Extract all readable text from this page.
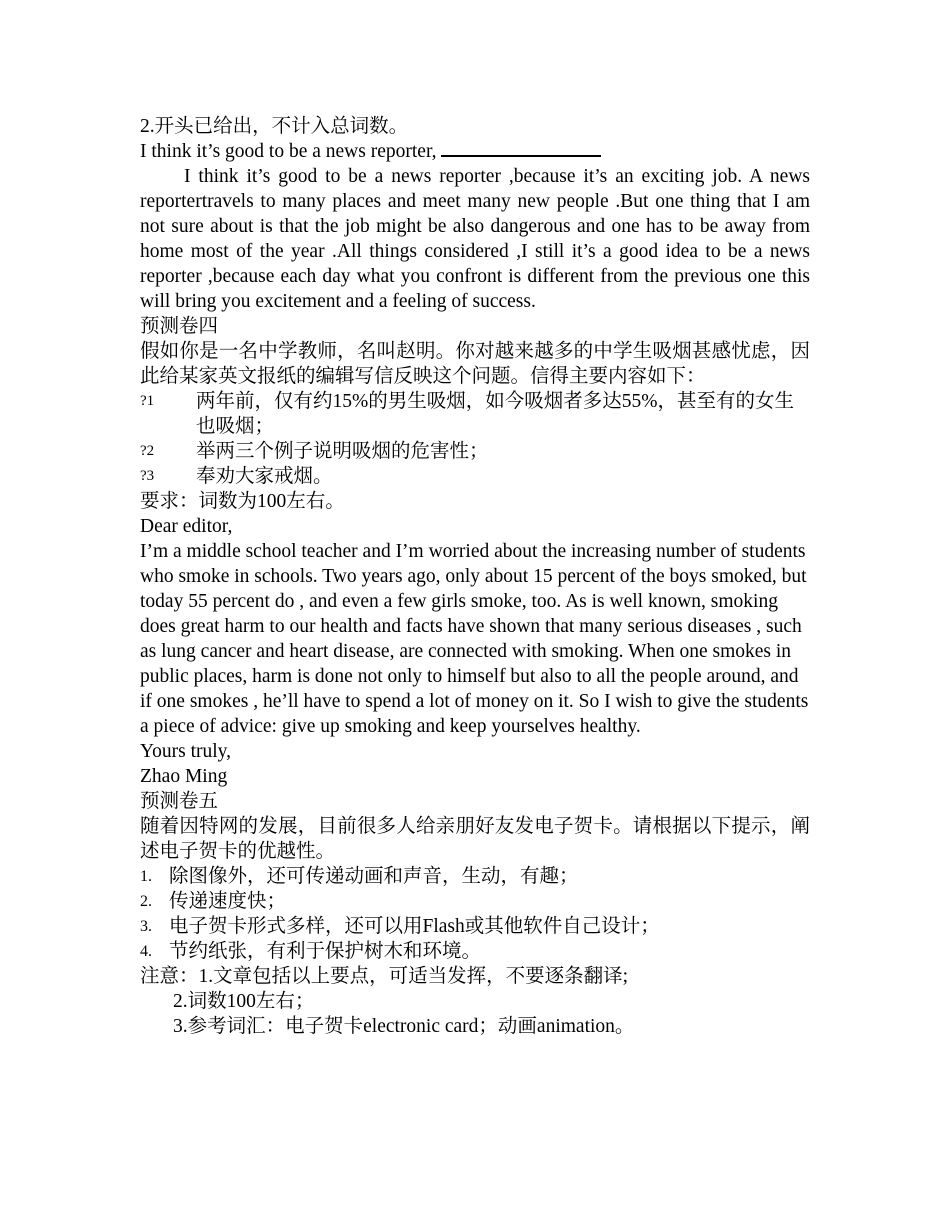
2.开头已给出，不计入总词数。

I think it’s good to be a news reporter,

I think it’s good to be a news reporter ,because it’s an exciting job. A news reportertravels to many places and meet many new people .But one thing that I am not sure about is that the job might be also dangerous and one has to be away from home most of the year .All things considered ,I still it’s a good idea to be a news reporter ,because each day what you confront is different from the previous one this will bring you excitement and a feeling of success.

预测卷四

假如你是一名中学教师，名叫赵明。你对越来越多的中学生吸烟甚感忧虑，因此给某家英文报纸的编辑写信反映这个问题。信得主要内容如下：

?1	两年前，仅有约15%的男生吸烟，如今吸烟者多达55%，甚至有的女生也吸烟；
?2	举两三个例子说明吸烟的危害性；
?3	奉劝大家戒烟。

要求：词数为100左右。

Dear editor,

I’m a middle school teacher and I’m worried about the increasing number of students who smoke in schools. Two years ago, only about 15 percent of the boys smoked, but today 55 percent do , and even a few girls smoke, too. As is well known, smoking does great harm to our health and facts have shown that many serious diseases , such as lung cancer and heart disease, are connected with smoking. When one smokes in public places, harm is done not only to himself but also to all the people around, and if one smokes , he’ll have to spend a lot of money on it. So I wish to give the students a piece of advice: give up smoking and keep yourselves healthy.

Yours truly,

Zhao Ming

预测卷五

随着因特网的发展，目前很多人给亲朋好友发电子贺卡。请根据以下提示，阐述电子贺卡的优越性。

1. 除图像外，还可传递动画和声音，生动，有趣；
2. 传递速度快；
3. 电子贺卡形式多样，还可以用Flash或其他软件自己设计；
4. 节约纸张，有利于保护树木和环境。

注意：1.文章包括以上要点，可适当发挥，不要逐条翻译;

2.词数100左右；

3.参考词汇：电子贺卡electronic card；动画animation。
